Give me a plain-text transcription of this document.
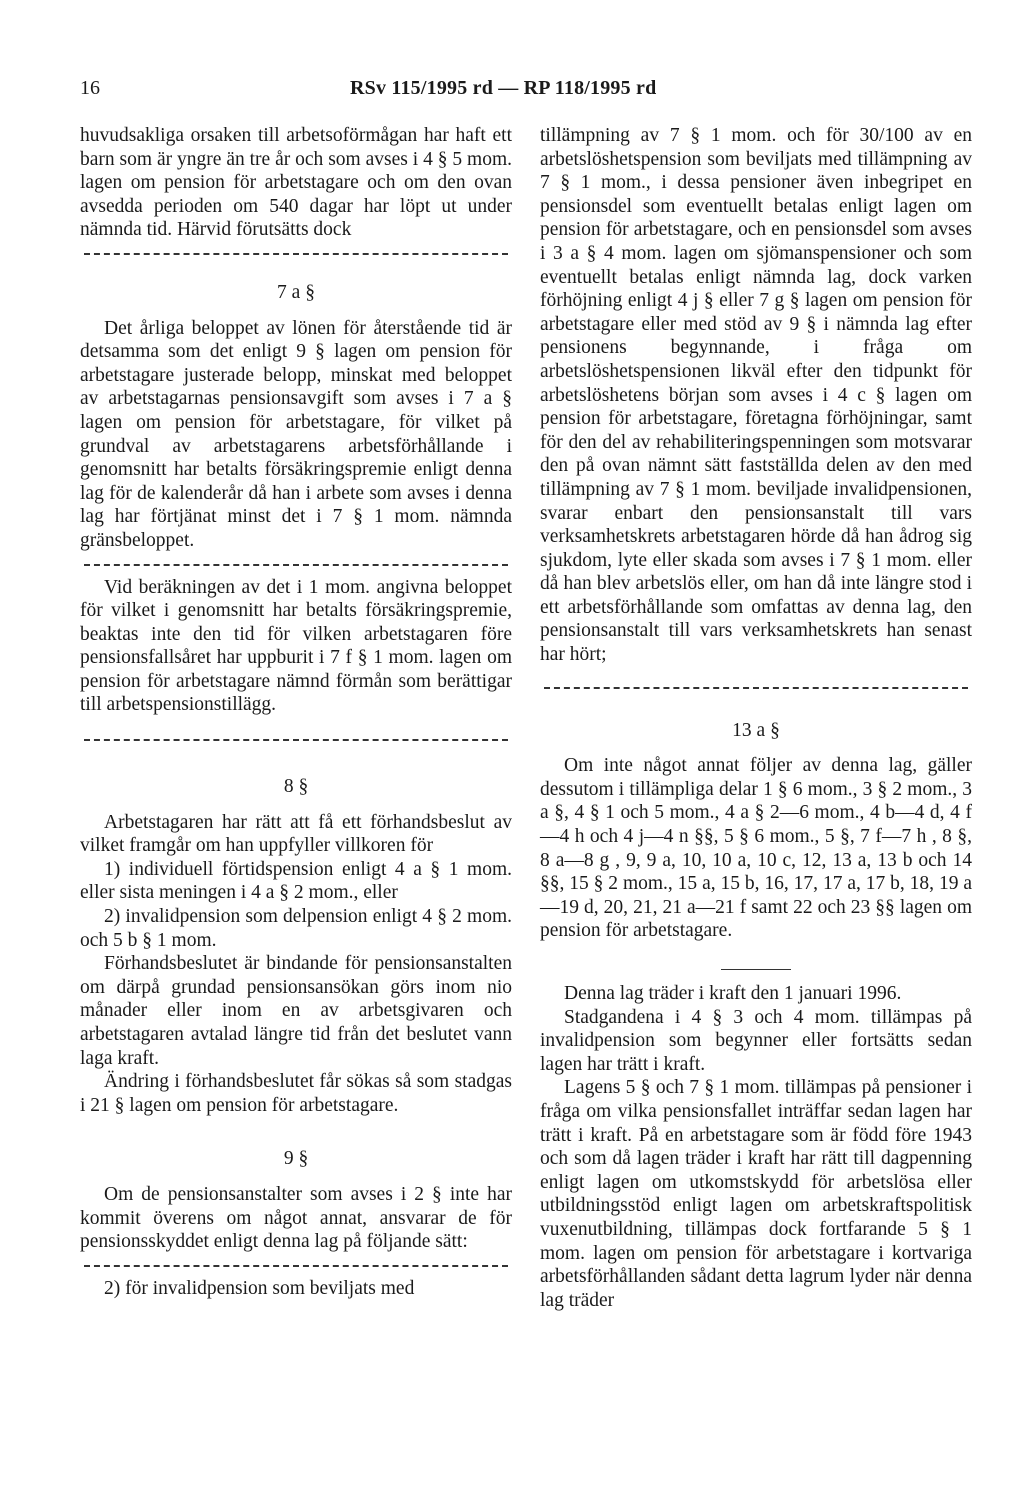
16	RSv 115/1995 rd — RP 118/1995 rd

huvudsakliga orsaken till arbetsoförmågan har haft ett barn som är yngre än tre år och som avses i 4 § 5 mom. lagen om pension för arbetstagare och om den ovan avsedda perioden om 540 dagar har löpt ut under nämnda tid. Härvid förutsätts dock

7 a §

Det årliga beloppet av lönen för återstående tid är detsamma som det enligt 9 § lagen om pension för arbetstagare justerade belopp, minskat med beloppet av arbetstagarnas pensionsavgift som avses i 7 a § lagen om pension för arbetstagare, för vilket på grundval av arbetstagarens arbetsförhållande i genomsnitt har betalts försäkringspremie enligt denna lag för de kalenderår då han i arbete som avses i denna lag har förtjänat minst det i 7 § 1 mom. nämnda gränsbeloppet.

Vid beräkningen av det i 1 mom. angivna beloppet för vilket i genomsnitt har betalts försäkringspremie, beaktas inte den tid för vilken arbetstagaren före pensionsfallsåret har uppburit i 7 f § 1 mom. lagen om pension för arbetstagare nämnd förmån som berättigar till arbetspensionstillägg.

8 §

Arbetstagaren har rätt att få ett förhandsbeslut av vilket framgår om han uppfyller villkoren för

1) individuell förtidspension enligt 4 a § 1 mom. eller sista meningen i 4 a § 2 mom., eller

2) invalidpension som delpension enligt 4 § 2 mom. och 5 b § 1 mom.

Förhandsbeslutet är bindande för pensionsanstalten om därpå grundad pensionsansökan görs inom nio månader eller inom en av arbetsgivaren och arbetstagaren avtalad längre tid från det beslutet vann laga kraft.

Ändring i förhandsbeslutet får sökas så som stadgas i 21 § lagen om pension för arbetstagare.

9 §

Om de pensionsanstalter som avses i 2 § inte har kommit överens om något annat, ansvarar de för pensionsskyddet enligt denna lag på följande sätt:

2) för invalidpension som beviljats med

tillämpning av 7 § 1 mom. och för 30/100 av en arbetslöshetspension som beviljats med tillämpning av 7 § 1 mom., i dessa pensioner även inbegripet en pensionsdel som eventuellt betalas enligt lagen om pension för arbetstagare, och en pensionsdel som avses i 3 a § 4 mom. lagen om sjömanspensioner och som eventuellt betalas enligt nämnda lag, dock varken förhöjning enligt 4 j § eller 7 g § lagen om pension för arbetstagare eller med stöd av 9 § i nämnda lag efter pensionens begynnande, i fråga om arbetslöshetspensionen likväl efter den tidpunkt för arbetslöshetens början som avses i 4 c § lagen om pension för arbetstagare, företagna förhöjningar, samt för den del av rehabiliteringspenningen som motsvarar den på ovan nämnt sätt fastställda delen av den med tillämpning av 7 § 1 mom. beviljade invalidpensionen, svarar enbart den pensionsanstalt till vars verksamhetskrets arbetstagaren hörde då han ådrog sig sjukdom, lyte eller skada som avses i 7 § 1 mom. eller då han blev arbetslös eller, om han då inte längre stod i ett arbetsförhållande som omfattas av denna lag, den pensionsanstalt till vars verksamhetskrets han senast har hört;

13 a §

Om inte något annat följer av denna lag, gäller dessutom i tillämpliga delar 1 § 6 mom., 3 § 2 mom., 3 a §, 4 § 1 och 5 mom., 4 a § 2—6 mom., 4 b—4 d, 4 f—4 h och 4 j—4 n §§, 5 § 6 mom., 5 §, 7 f—7 h , 8 §, 8 a—8 g , 9, 9 a, 10, 10 a, 10 c, 12, 13 a, 13 b och 14 §§, 15 § 2 mom., 15 a, 15 b, 16, 17, 17 a, 17 b, 18, 19 a—19 d, 20, 21, 21 a—21 f samt 22 och 23 §§ lagen om pension för arbetstagare.

Denna lag träder i kraft den 1 januari 1996.

Stadgandena i 4 § 3 och 4 mom. tillämpas på invalidpension som begynner eller fortsätts sedan lagen har trätt i kraft.

Lagens 5 § och 7 § 1 mom. tillämpas på pensioner i fråga om vilka pensionsfallet inträffar sedan lagen har trätt i kraft. På en arbetstagare som är född före 1943 och som då lagen träder i kraft har rätt till dagpenning enligt lagen om utkomstskydd för arbetslösa eller utbildningsstöd enligt lagen om arbetskraftspolitisk vuxenutbildning, tillämpas dock fortfarande 5 § 1 mom. lagen om pension för arbetstagare i kortvariga arbetsförhållanden sådant detta lagrum lyder när denna lag träder
